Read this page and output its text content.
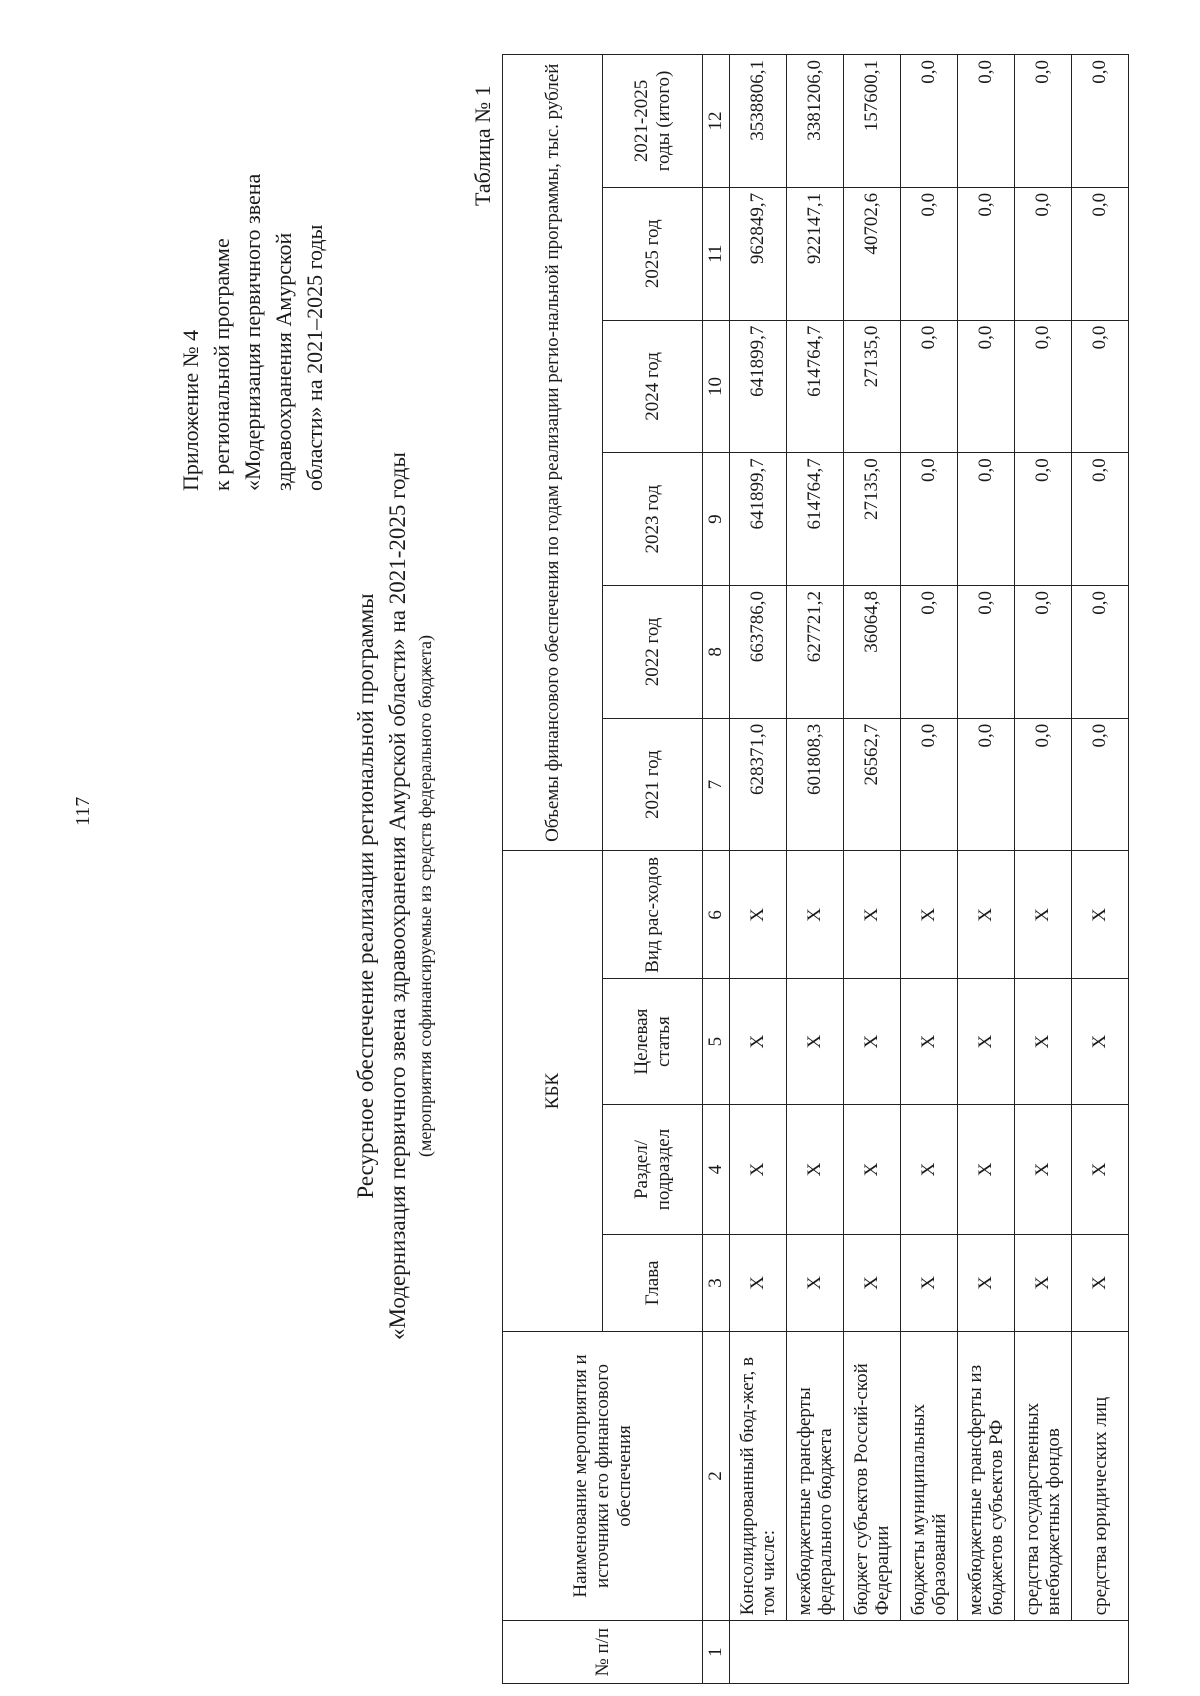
117
Приложение № 4 к региональной программе «Модернизация первичного звена здравоохранения Амурской области» на 2021–2025 годы
Ресурсное обеспечение реализации региональной программы «Модернизация первичного звена здравоохранения Амурской области» на 2021-2025 годы (мероприятия софинансируемые из средств федерального бюджета)
Таблица № 1
№ п/п	Наименование мероприятия и источники его финансового обеспечения	КБК				Объемы финансового обеспечения по годам реализации регио-нальной программы, тыс. рублей					
		Глава	Раздел/ подраздел	Целевая статья	Вид рас-ходов	2021 год	2022 год	2023 год	2024 год	2025 год	2021-2025 годы (итого)
1	2	3	4	5	6	7	8	9	10	11	12
	Консолидированный бюд-жет, в том числе:	Х	Х	Х	Х	628371,0	663786,0	641899,7	641899,7	962849,7	3538806,1
	межбюджетные трансферты федерального бюджета	Х	Х	Х	Х	601808,3	627721,2	614764,7	614764,7	922147,1	3381206,0
	бюджет субъектов Россий-ской Федерации	Х	Х	Х	Х	26562,7	36064,8	27135,0	27135,0	40702,6	157600,1
	бюджеты муниципальных образований	Х	Х	Х	Х	0,0	0,0	0,0	0,0	0,0	0,0
	межбюджетные трансферты из бюджетов субъектов РФ	Х	Х	Х	Х	0,0	0,0	0,0	0,0	0,0	0,0
	средства государственных внебюджетных фондов	Х	Х	Х	Х	0,0	0,0	0,0	0,0	0,0	0,0
	средства юридических лиц	Х	Х	Х	Х	0,0	0,0	0,0	0,0	0,0	0,0
